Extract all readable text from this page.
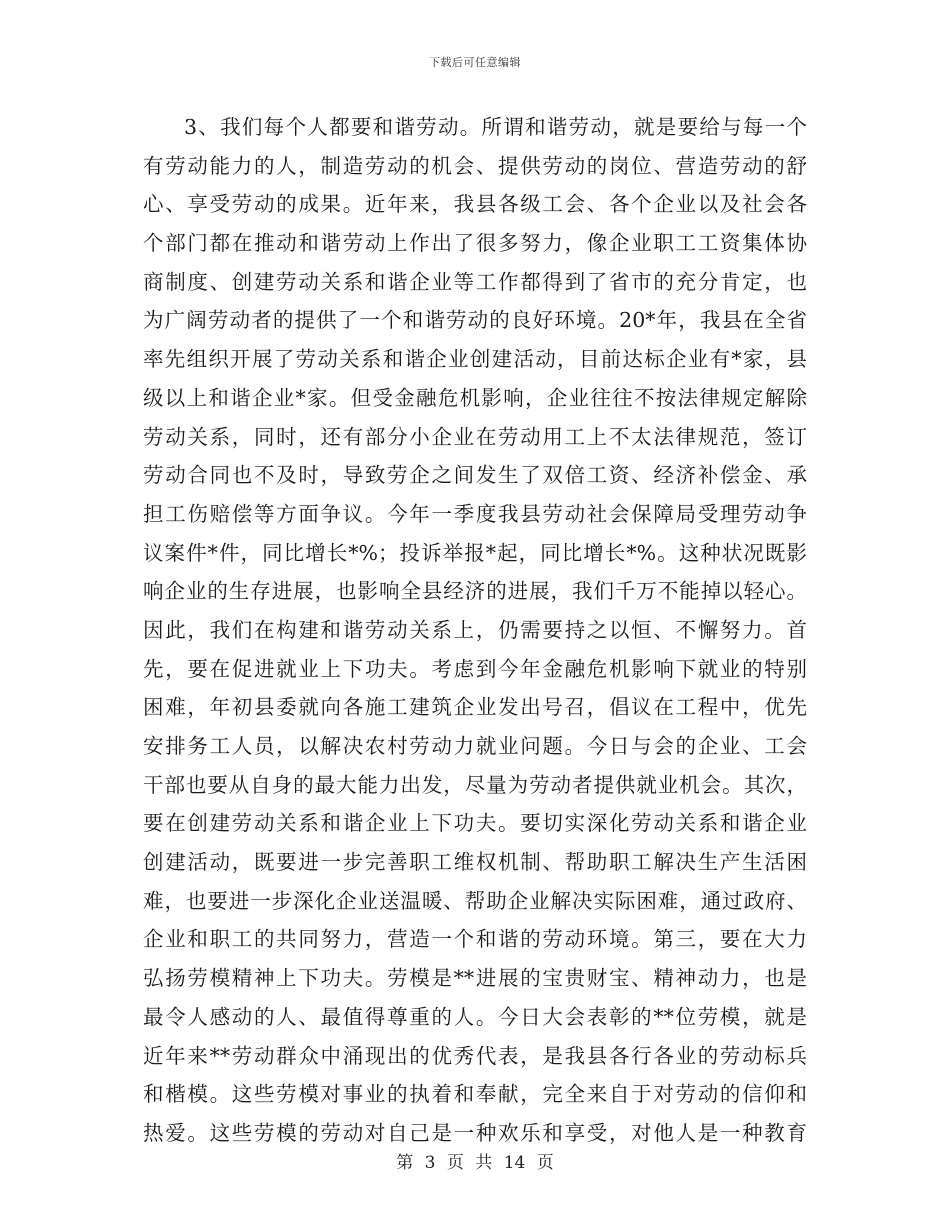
下载后可任意编辑
3、我们每个人都要和谐劳动。所谓和谐劳动，就是要给与每一个
有劳动能力的人，制造劳动的机会、提供劳动的岗位、营造劳动的舒
心、享受劳动的成果。近年来，我县各级工会、各个企业以及社会各
个部门都在推动和谐劳动上作出了很多努力，像企业职工工资集体协
商制度、创建劳动关系和谐企业等工作都得到了省市的充分肯定，也
为广阔劳动者的提供了一个和谐劳动的良好环境。20*年，我县在全省
率先组织开展了劳动关系和谐企业创建活动，目前达标企业有*家，县
级以上和谐企业*家。但受金融危机影响，企业往往不按法律规定解除
劳动关系，同时，还有部分小企业在劳动用工上不太法律规范，签订
劳动合同也不及时，导致劳企之间发生了双倍工资、经济补偿金、承
担工伤赔偿等方面争议。今年一季度我县劳动社会保障局受理劳动争
议案件*件，同比增长*%；投诉举报*起，同比增长*%。这种状况既影
响企业的生存进展，也影响全县经济的进展，我们千万不能掉以轻心。
因此，我们在构建和谐劳动关系上，仍需要持之以恒、不懈努力。首
先，要在促进就业上下功夫。考虑到今年金融危机影响下就业的特别
困难，年初县委就向各施工建筑企业发出号召，倡议在工程中，优先
安排务工人员，以解决农村劳动力就业问题。今日与会的企业、工会
干部也要从自身的最大能力出发，尽量为劳动者提供就业机会。其次，
要在创建劳动关系和谐企业上下功夫。要切实深化劳动关系和谐企业
创建活动，既要进一步完善职工维权机制、帮助职工解决生产生活困
难，也要进一步深化企业送温暖、帮助企业解决实际困难，通过政府、
企业和职工的共同努力，营造一个和谐的劳动环境。第三，要在大力
弘扬劳模精神上下功夫。劳模是**进展的宝贵财宝、精神动力，也是
最令人感动的人、最值得尊重的人。今日大会表彰的**位劳模，就是
近年来**劳动群众中涌现出的优秀代表，是我县各行各业的劳动标兵
和楷模。这些劳模对事业的执着和奉献，完全来自于对劳动的信仰和
热爱。这些劳模的劳动对自己是一种欢乐和享受，对他人是一种教育
第 3 页 共 14 页
